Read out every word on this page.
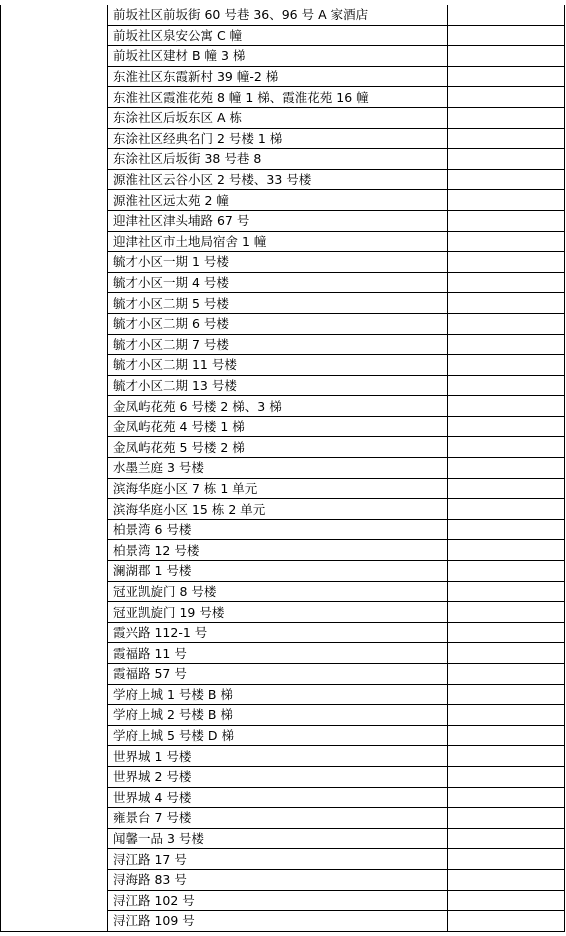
	前坂社区前坂街 60 号巷 36、96 号 A 家酒店	
	前坂社区泉安公寓 C 幢	
	前坂社区建材 B 幢 3 梯	
	东淮社区东霞新村 39 幢-2 梯	
	东淮社区霞淮花苑 8 幢 1 梯、霞淮花苑 16 幢	
	东涂社区后坂东区 A 栋	
	东涂社区经典名门 2 号楼 1 梯	
	东涂社区后坂街 38 号巷 8	
	源淮社区云谷小区 2 号楼、33 号楼	
	源淮社区远太苑 2 幢	
	迎津社区津头埔路 67 号	
	迎津社区市土地局宿舍 1 幢	
	毓才小区一期 1 号楼	
	毓才小区一期 4 号楼	
	毓才小区二期 5 号楼	
	毓才小区二期 6 号楼	
	毓才小区二期 7 号楼	
	毓才小区二期 11 号楼	
	毓才小区二期 13 号楼	
	金凤屿花苑 6 号楼 2 梯、3 梯	
	金凤屿花苑 4 号楼 1 梯	
	金凤屿花苑 5 号楼 2 梯	
	水墨兰庭 3 号楼	
	滨海华庭小区 7 栋 1 单元	
	滨海华庭小区 15 栋 2 单元	
	柏景湾 6 号楼	
	柏景湾 12 号楼	
	澜湖郡 1 号楼	
	冠亚凯旋门 8 号楼	
	冠亚凯旋门 19 号楼	
	霞兴路 112-1 号	
	霞福路 11 号	
	霞福路 57 号	
	学府上城 1 号楼 B 梯	
	学府上城 2 号楼 B 梯	
	学府上城 5 号楼 D 梯	
	世界城 1 号楼	
	世界城 2 号楼	
	世界城 4 号楼	
	雍景台 7 号楼	
	闻馨一品 3 号楼	
	浔江路 17 号	
	浔海路 83 号	
	浔江路 102 号	
	浔江路 109 号	
